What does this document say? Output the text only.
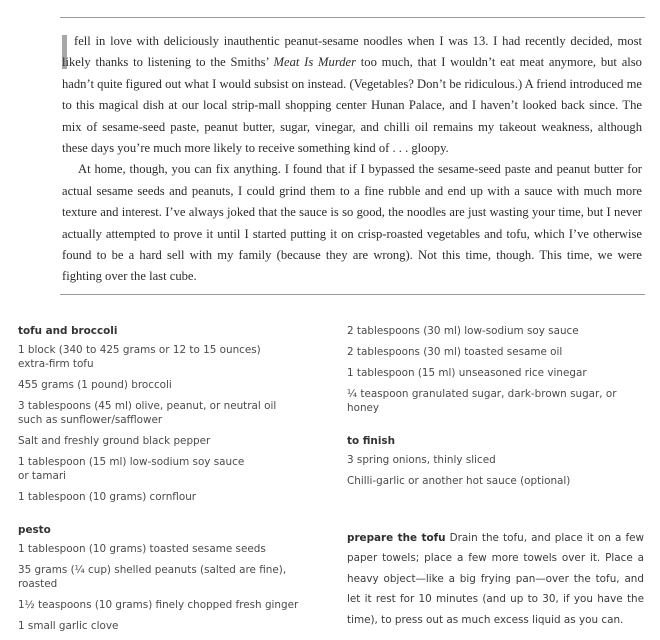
fell in love with deliciously inauthentic peanut-sesame noodles when I was 13. I had recently decided, most likely thanks to listening to the Smiths’ Meat Is Murder too much, that I wouldn’t eat meat anymore, but also hadn’t quite figured out what I would subsist on instead. (Vegetables? Don’t be ridiculous.) A friend introduced me to this magical dish at our local strip-mall shopping center Hunan Palace, and I haven’t looked back since. The mix of sesame-seed paste, peanut butter, sugar, vinegar, and chilli oil remains my takeout weakness, although these days you’re much more likely to receive something kind of . . . gloopy.

At home, though, you can fix anything. I found that if I bypassed the sesame-seed paste and peanut butter for actual sesame seeds and peanuts, I could grind them to a fine rubble and end up with a sauce with much more texture and interest. I’ve always joked that the sauce is so good, the noodles are just wasting your time, but I never actually attempted to prove it until I started putting it on crisp-roasted vegetables and tofu, which I’ve otherwise found to be a hard sell with my family (because they are wrong). Not this time, though. This time, we were fighting over the last cube.

tofu and broccoli

1 block (340 to 425 grams or 12 to 15 ounces) extra-firm tofu

455 grams (1 pound) broccoli

3 tablespoons (45 ml) olive, peanut, or neutral oil such as sunflower/safflower

Salt and freshly ground black pepper

1 tablespoon (15 ml) low-sodium soy sauce or tamari

1 tablespoon (10 grams) cornflour

pesto

1 tablespoon (10 grams) toasted sesame seeds

35 grams (¼ cup) shelled peanuts (salted are fine), roasted

1½ teaspoons (10 grams) finely chopped fresh ginger

1 small garlic clove

2 tablespoons (30 ml) low-sodium soy sauce

2 tablespoons (30 ml) toasted sesame oil

1 tablespoon (15 ml) unseasoned rice vinegar

¼ teaspoon granulated sugar, dark-brown sugar, or honey

to finish

3 spring onions, thinly sliced

Chilli-garlic or another hot sauce (optional)

prepare the tofu Drain the tofu, and place it on a few paper towels; place a few more towels over it. Place a heavy object—like a big frying pan—over the tofu, and let it rest for 10 minutes (and up to 30, if you have the time), to press out as much excess liquid as you can.
